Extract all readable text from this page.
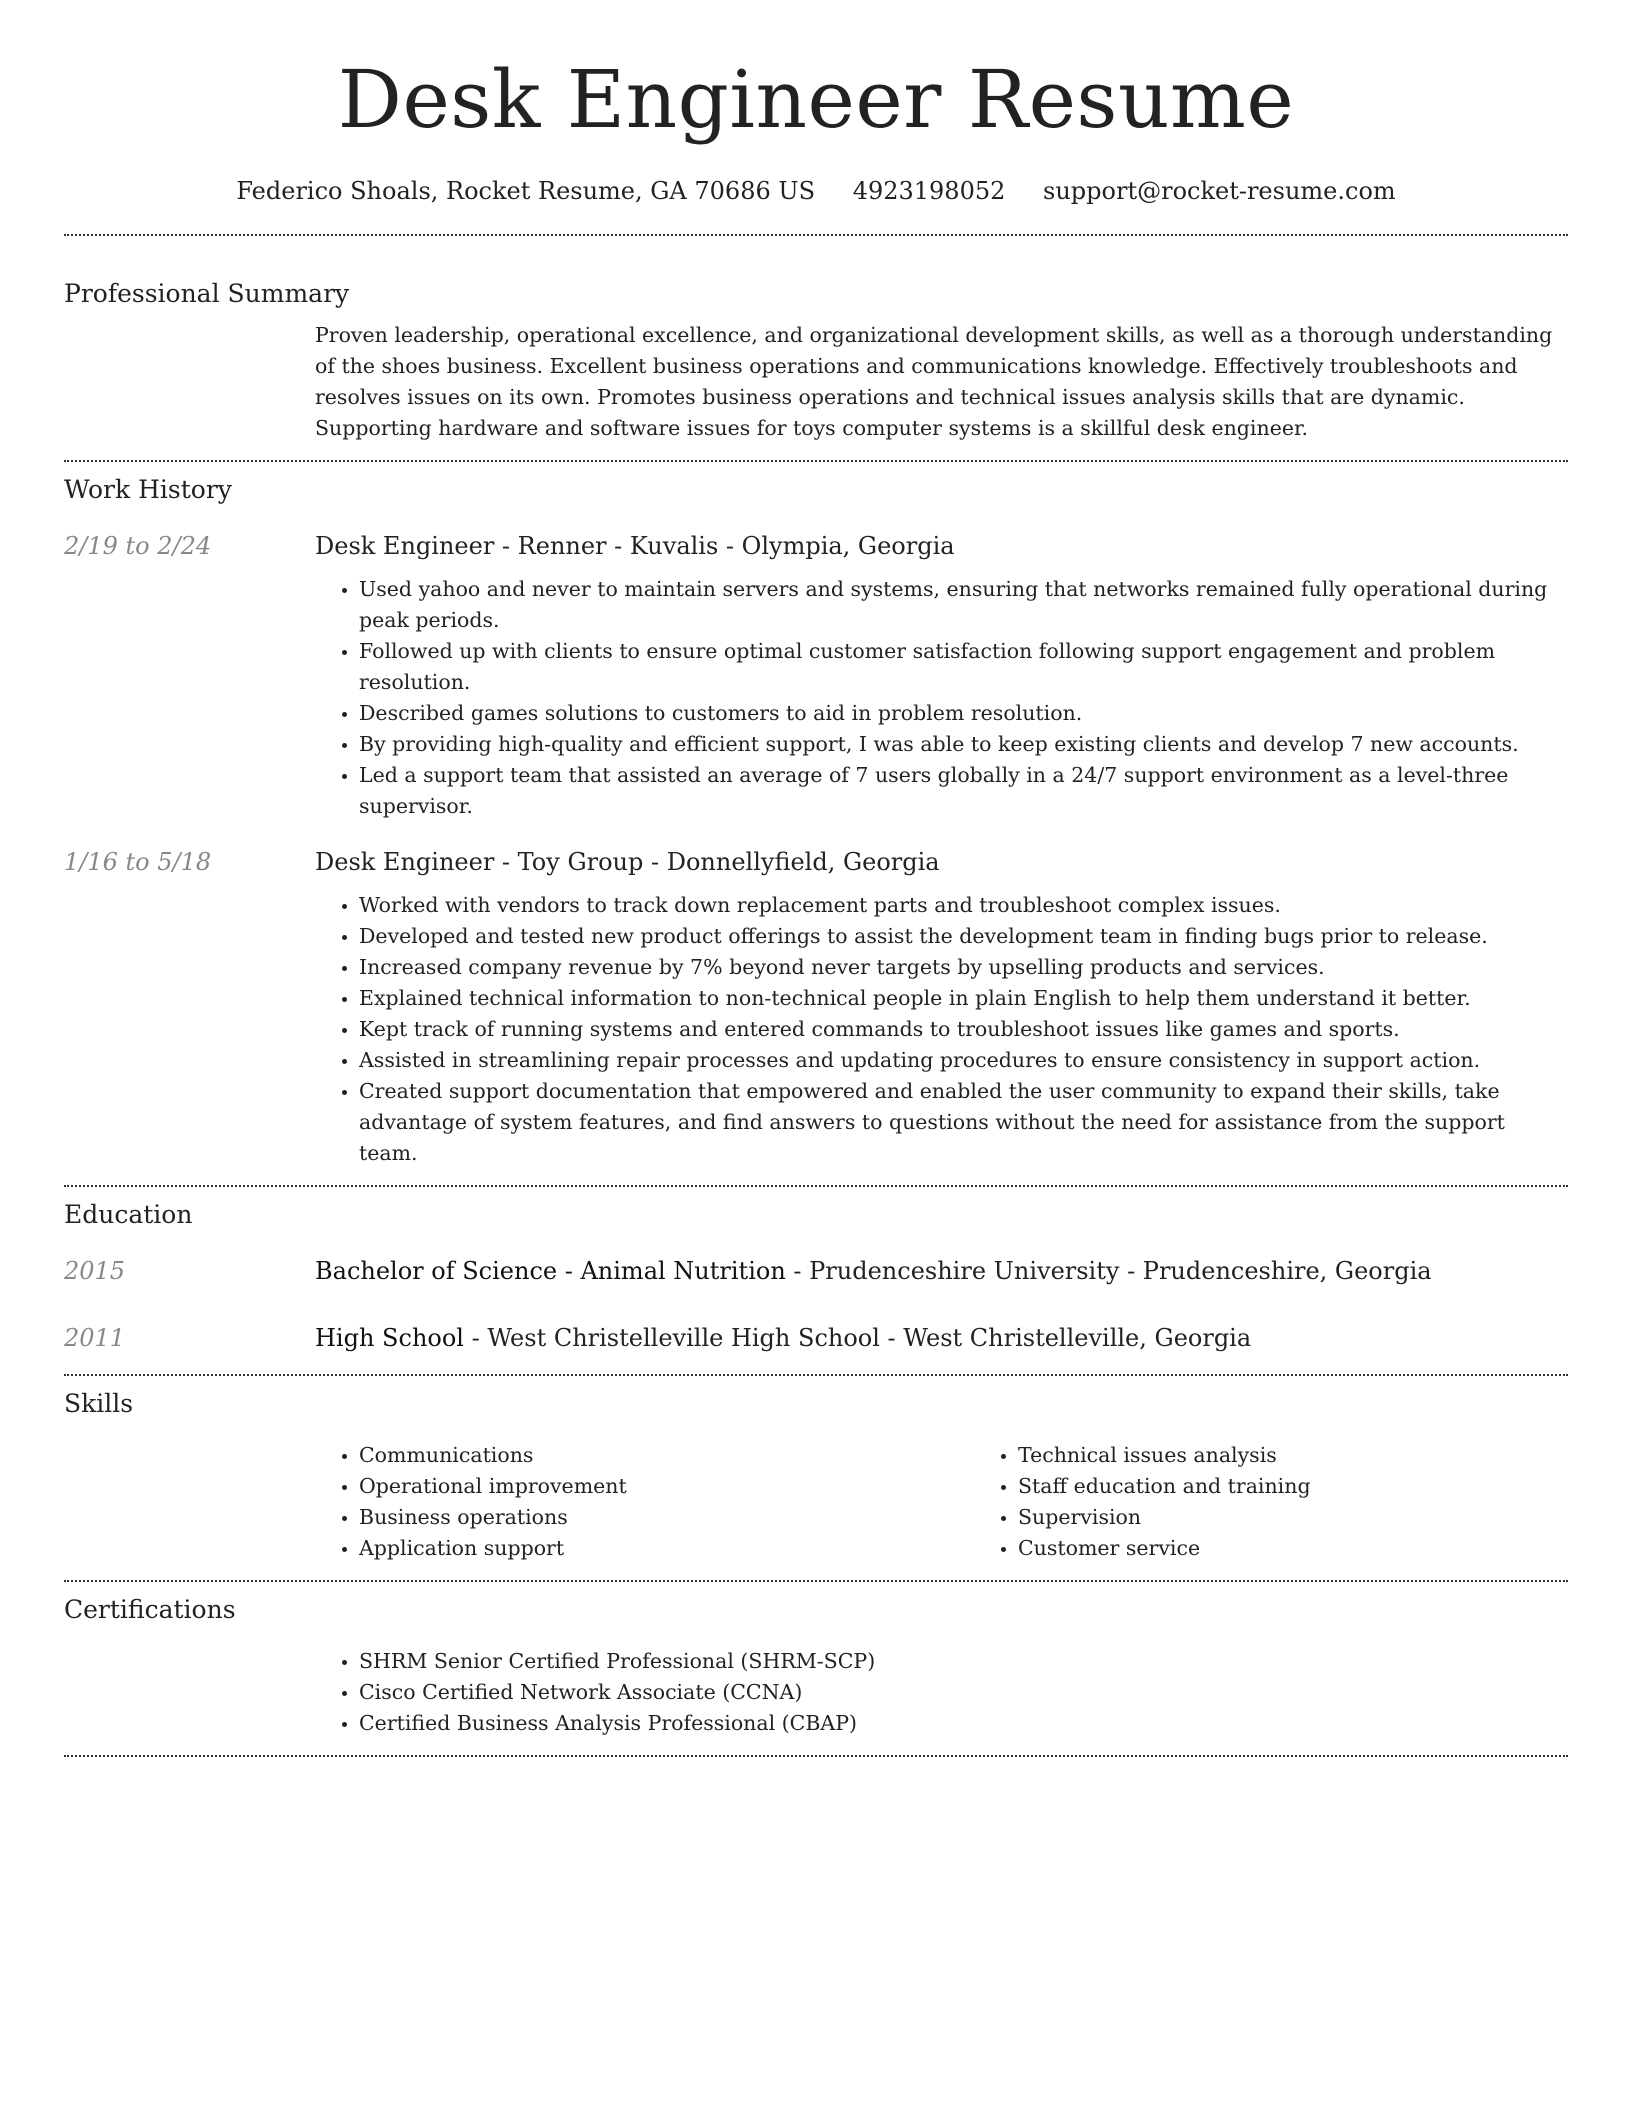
Desk Engineer Resume
Federico Shoals, Rocket Resume, GA 70686 US 4923198052 support@rocket-resume.com
Professional Summary

Proven leadership, operational excellence, and organizational development skills, as well as a thorough understanding of the shoes business. Excellent business operations and communications knowledge. Effectively troubleshoots and resolves issues on its own. Promotes business operations and technical issues analysis skills that are dynamic. Supporting hardware and software issues for toys computer systems is a skillful desk engineer.

Work History
2/19 to 2/24	Desk Engineer - Renner - Kuvalis - Olympia, Georgia
• Used yahoo and never to maintain servers and systems, ensuring that networks remained fully operational during peak periods.
• Followed up with clients to ensure optimal customer satisfaction following support engagement and problem resolution.
• Described games solutions to customers to aid in problem resolution.
• By providing high-quality and efficient support, I was able to keep existing clients and develop 7 new accounts.
• Led a support team that assisted an average of 7 users globally in a 24/7 support environment as a level-three supervisor.
1/16 to 5/18	Desk Engineer - Toy Group - Donnellyfield, Georgia
• Worked with vendors to track down replacement parts and troubleshoot complex issues.
• Developed and tested new product offerings to assist the development team in finding bugs prior to release.
• Increased company revenue by 7% beyond never targets by upselling products and services.
• Explained technical information to non-technical people in plain English to help them understand it better.
• Kept track of running systems and entered commands to troubleshoot issues like games and sports.
• Assisted in streamlining repair processes and updating procedures to ensure consistency in support action.
• Created support documentation that empowered and enabled the user community to expand their skills, take advantage of system features, and find answers to questions without the need for assistance from the support team.
Education
2015	Bachelor of Science - Animal Nutrition - Prudenceshire University - Prudenceshire, Georgia
2011	High School - West Christelleville High School - West Christelleville, Georgia
Skills
• Communications
• Operational improvement
• Business operations
• Application support
• Technical issues analysis
• Staff education and training
• Supervision
• Customer service
Certifications
• SHRM Senior Certified Professional (SHRM-SCP)
• Cisco Certified Network Associate (CCNA)
• Certified Business Analysis Professional (CBAP)
